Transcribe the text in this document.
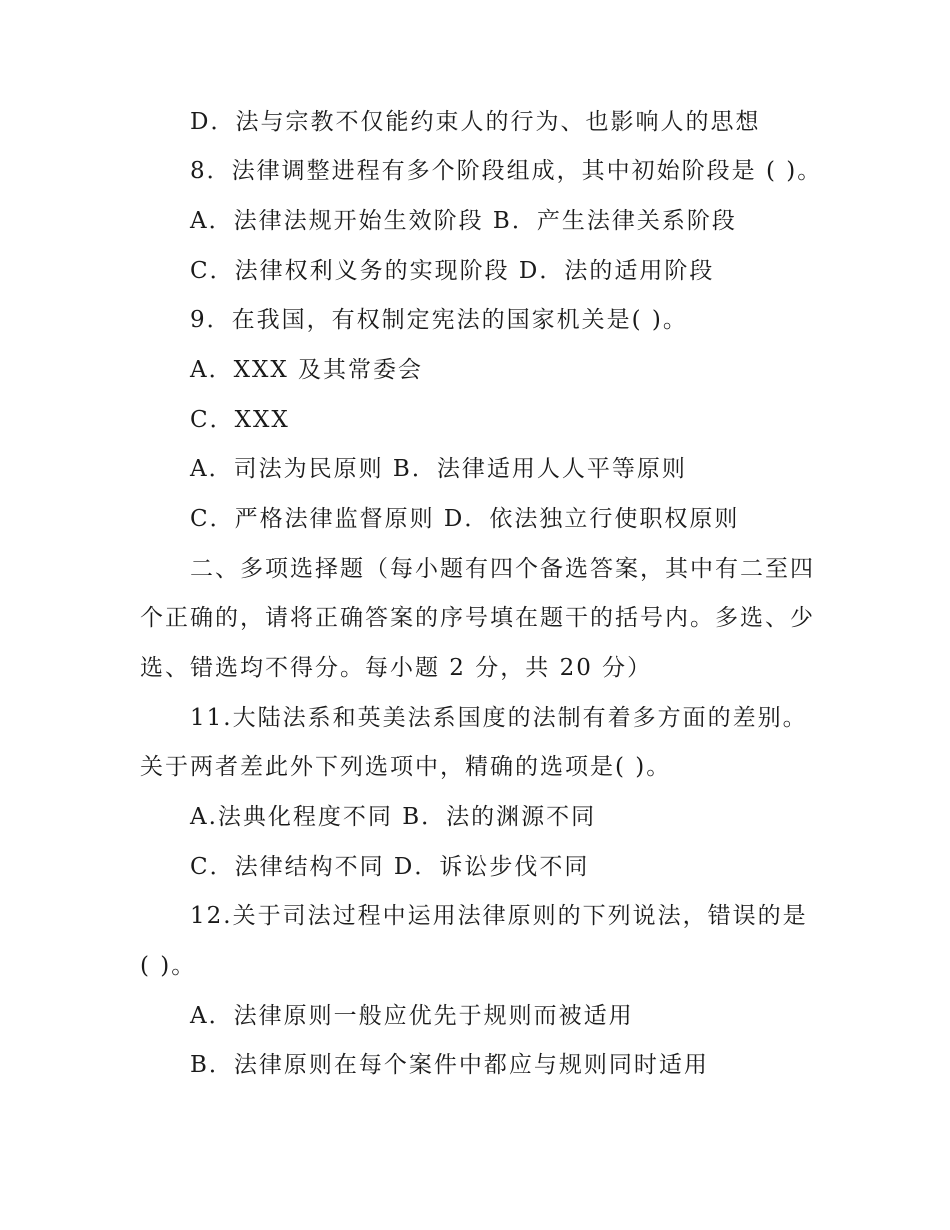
D．法与宗教不仅能约束人的行为、也影响人的思想
8．法律调整进程有多个阶段组成，其中初始阶段是 ( )。
A．法律法规开始生效阶段 B．产生法律关系阶段
C．法律权利义务的实现阶段 D．法的适用阶段
9．在我国，有权制定宪法的国家机关是( )。
A．XXX 及其常委会
C．XXX
A．司法为民原则 B．法律适用人人平等原则
C．严格法律监督原则 D．依法独立行使职权原则
二、多项选择题（每小题有四个备选答案，其中有二至四
个正确的，请将正确答案的序号填在题干的括号内。多选、少
选、错选均不得分。每小题 2 分，共 20 分）
11.大陆法系和英美法系国度的法制有着多方面的差别。
关于两者差此外下列选项中，精确的选项是( )。
A.法典化程度不同 B．法的渊源不同
C．法律结构不同 D．诉讼步伐不同
12.关于司法过程中运用法律原则的下列说法，错误的是
( )。
A．法律原则一般应优先于规则而被适用
B．法律原则在每个案件中都应与规则同时适用
